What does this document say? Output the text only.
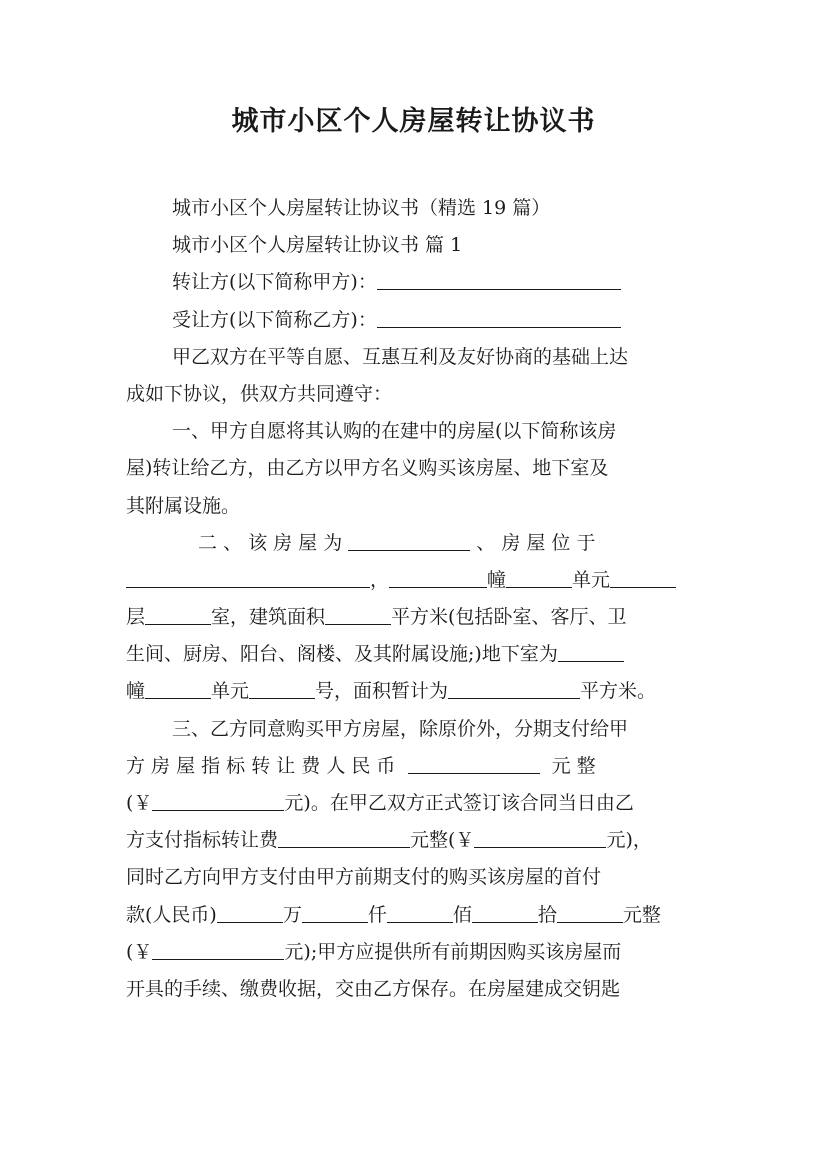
城市小区个人房屋转让协议书
城市小区个人房屋转让协议书（精选 19 篇）
城市小区个人房屋转让协议书 篇 1
转让方(以下简称甲方)：
受让方(以下简称乙方)：
甲乙双方在平等自愿、互惠互利及友好协商的基础上达
成如下协议，供双方共同遵守：
一、甲方自愿将其认购的在建中的房屋(以下简称该房
屋)转让给乙方，由乙方以甲方名义购买该房屋、地下室及
其附属设施。
二 、 该 房 屋 为	、 房 屋 位 于
，	幢	单元
层	室，建筑面积	平方米(包括卧室、客厅、卫
生间、厨房、阳台、阁楼、及其附属设施;)地下室为
幢	单元	号，面积暂计为	平方米。
三、乙方同意购买甲方房屋，除原价外，分期支付给甲
方 房 屋 指 标 转 让 费 人 民 币	元 整
(￥	元)。在甲乙双方正式签订该合同当日由乙
方支付指标转让费	元整(￥	元)，
同时乙方向甲方支付由甲方前期支付的购买该房屋的首付
款(人民币)	万	仟	佰	拾	元整
(￥	元);甲方应提供所有前期因购买该房屋而
开具的手续、缴费收据，交由乙方保存。在房屋建成交钥匙
